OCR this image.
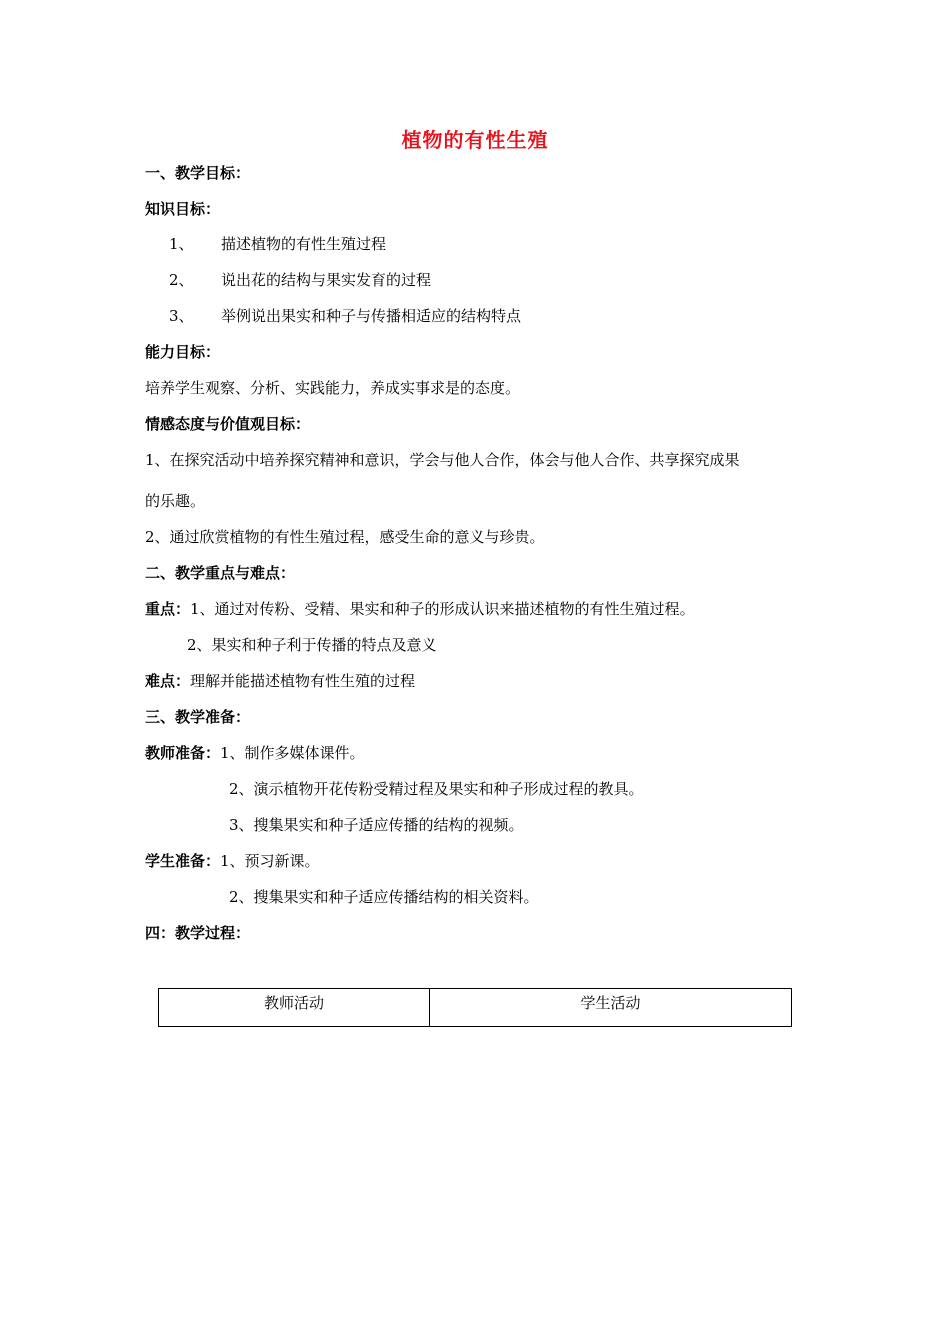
植物的有性生殖
一、教学目标：
知识目标：
1、 描述植物的有性生殖过程
2、 说出花的结构与果实发育的过程
3、 举例说出果实和种子与传播相适应的结构特点
能力目标：
培养学生观察、分析、实践能力，养成实事求是的态度。
情感态度与价值观目标：
1、在探究活动中培养探究精神和意识，学会与他人合作，体会与他人合作、共享探究成果
的乐趣。
2、通过欣赏植物的有性生殖过程，感受生命的意义与珍贵。
二、教学重点与难点：
重点：1、通过对传粉、受精、果实和种子的形成认识来描述植物的有性生殖过程。
2、果实和种子利于传播的特点及意义
难点：理解并能描述植物有性生殖的过程
三、教学准备：
教师准备：1、制作多媒体课件。
2、演示植物开花传粉受精过程及果实和种子形成过程的教具。
3、搜集果实和种子适应传播的结构的视频。
学生准备：1、预习新课。
2、搜集果实和种子适应传播结构的相关资料。
四：教学过程：
教师活动	学生活动
